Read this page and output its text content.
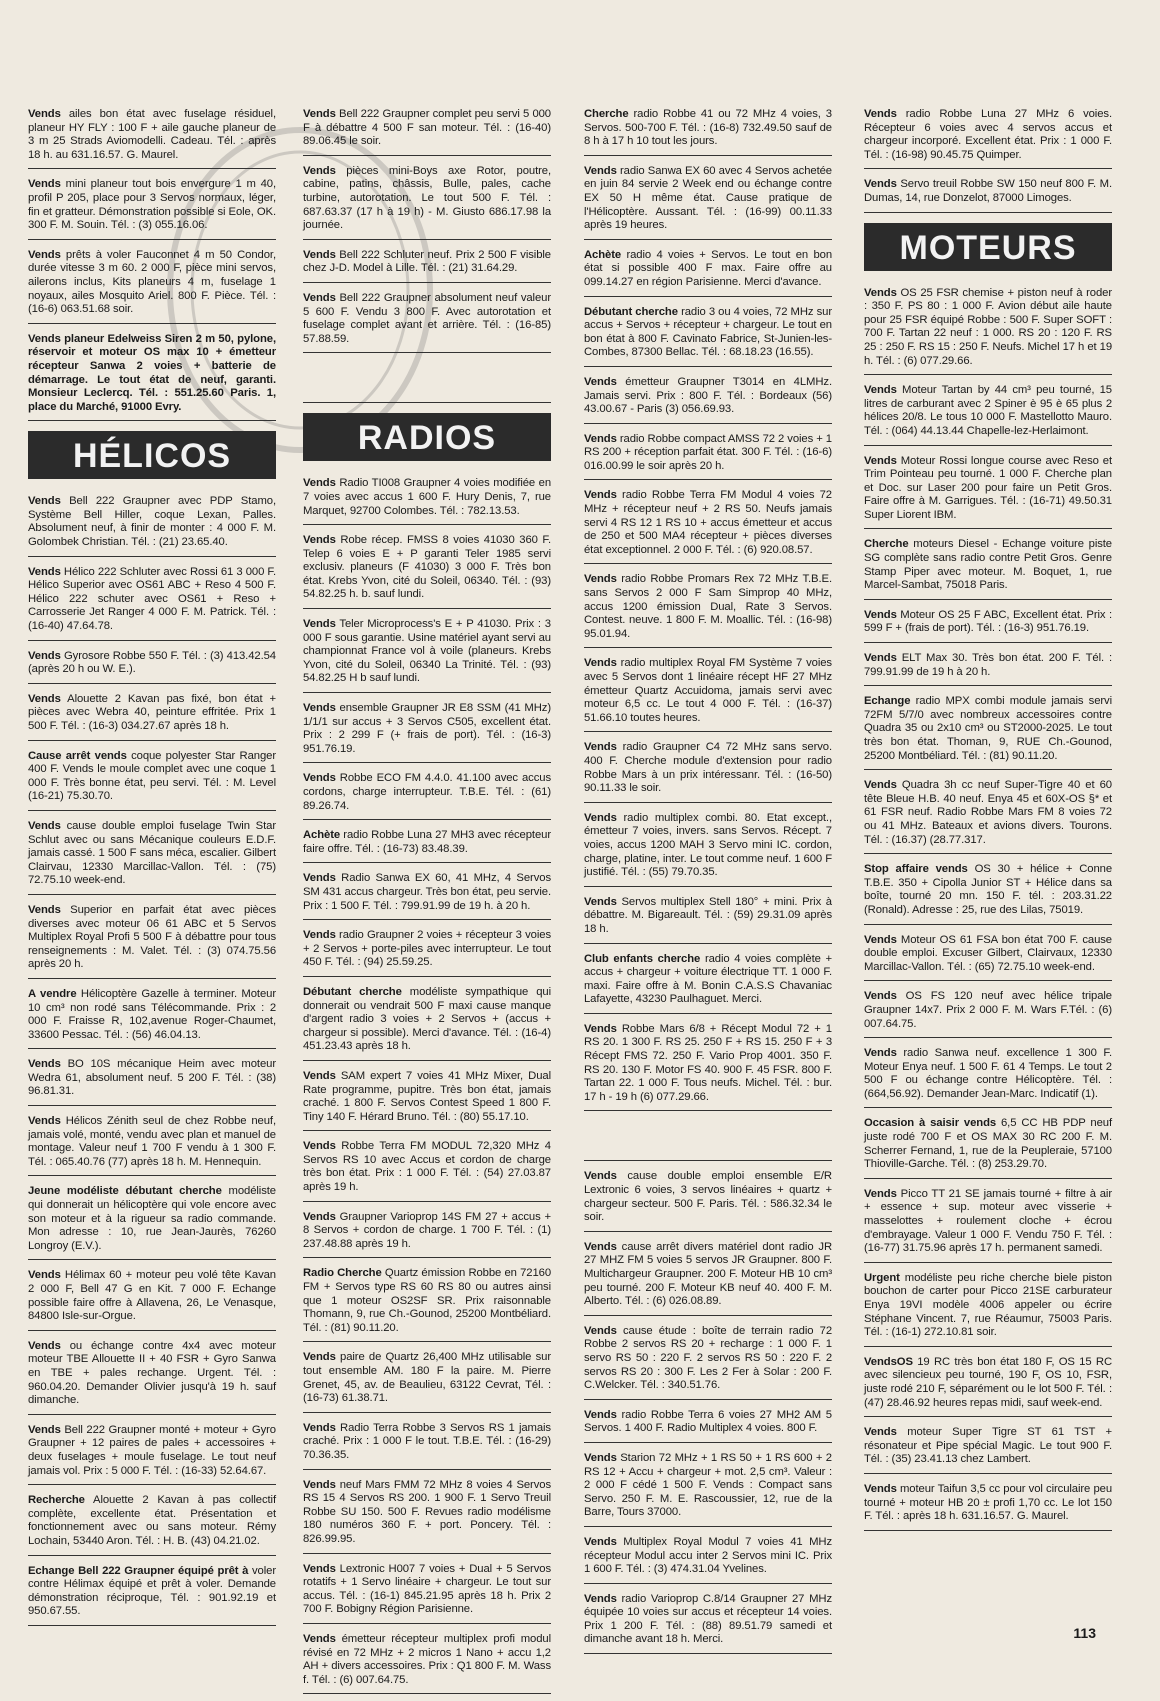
Vends ailes bon état avec fuselage résiduel, planeur HY FLY : 100 F + aile gauche planeur de 3 m 25 Strads Aviomodelli. Cadeau. Tél. : après 18 h. au 631.16.57. G. Maurel.
Vends mini planeur tout bois envergure 1 m 40, profil P 205, place pour 3 Servos normaux, léger, fin et gratteur. Démonstration possible si Eole, OK. 300 F. M. Souin. Tél. : (3) 055.16.06.
Vends prêts à voler Fauconnet 4 m 50 Condor, durée vitesse 3 m 60. 2 000 F, pièce mini servos, ailerons inclus, Kits planeurs 4 m, fuselage 1 noyaux, ailes Mosquito Ariel. 800 F. Pièce. Tél. : (16-6) 063.51.68 soir.
Vends planeur Edelweiss Siren 2 m 50, pylone, réservoir et moteur OS max 10 + émetteur récepteur Sanwa 2 voies + batterie de démarrage. Le tout état de neuf, garanti. Monsieur Leclercq. Tél. : 551.25.60 Paris. 1, place du Marché, 91000 Evry.
HÉLICOS
Vends Bell 222 Graupner avec PDP Stamo, Système Bell Hiller, coque Lexan, Palles. Absolument neuf, à finir de monter : 4 000 F. M. Golombek Christian. Tél. : (21) 23.65.40.
Vends Hélico 222 Schluter avec Rossi 61 3 000 F. Hélico Superior avec OS61 ABC + Reso 4 500 F. Hélico 222 schuter avec OS61 + Reso + Carrosserie Jet Ranger 4 000 F. M. Patrick. Tél. : (16-40) 47.64.78.
Vends Gyrosore Robbe 550 F. Tél. : (3) 413.42.54 (après 20 h ou W. E.).
Vends Alouette 2 Kavan pas fixé, bon état + pièces avec Webra 40, peinture effritée. Prix 1 500 F. Tél. : (16-3) 034.27.67 après 18 h.
Cause arrêt vends coque polyester Star Ranger 400 F. Vends le moule complet avec une coque 1 000 F. Très bonne état, peu servi. Tél. : M. Level (16-21) 75.30.70.
Vends cause double emploi fuselage Twin Star Schlut avec ou sans Mécanique couleurs E.D.F. jamais cassé. 1 500 F sans méca, escalier. Gilbert Clairvau, 12330 Marcillac-Vallon. Tél. : (75) 72.75.10 week-end.
Vends Superior en parfait état avec pièces diverses avec moteur 06 61 ABC et 5 Servos Multiplex Royal Profi 5 500 F à débattre pour tous renseignements : M. Valet. Tél. : (3) 074.75.56 après 20 h.
A vendre Hélicoptère Gazelle à terminer. Moteur 10 cm³ non rodé sans Télécommande. Prix : 2 000 F. Fraisse R, 102,avenue Roger-Chaumet, 33600 Pessac. Tél. : (56) 46.04.13.
Vends BO 10S mécanique Heim avec moteur Wedra 61, absolument neuf. 5 200 F. Tél. : (38) 96.81.31.
Vends Hélicos Zénith seul de chez Robbe neuf, jamais volé, monté, vendu avec plan et manuel de montage. Valeur neuf 1 700 F vendu à 1 300 F. Tél. : 065.40.76 (77) après 18 h. M. Hennequin.
Jeune modéliste débutant cherche modéliste qui donnerait un hélicoptère qui vole encore avec son moteur et à la rigueur sa radio commande. Mon adresse : 10, rue Jean-Jaurès, 76260 Longroy (E.V.).
Vends Hélimax 60 + moteur peu volé tête Kavan 2 000 F, Bell 47 G en Kit. 7 000 F. Echange possible faire offre à Allavena, 26, Le Venasque, 84800 Isle-sur-Orgue.
Vends ou échange contre 4x4 avec moteur moteur TBE Allouette II + 40 FSR + Gyro Sanwa en TBE + pales rechange. Urgent. Tél. : 960.04.20. Demander Olivier jusqu'à 19 h. sauf dimanche.
Vends Bell 222 Graupner monté + moteur + Gyro Graupner + 12 paires de pales + accessoires + deux fuselages + moule fuselage. Le tout neuf jamais vol. Prix : 5 000 F. Tél. : (16-33) 52.64.67.
Recherche Alouette 2 Kavan à pas collectif complète, excellente état. Présentation et fonctionnement avec ou sans moteur. Rémy Lochain, 53440 Aron. Tél. : H. B. (43) 04.21.02.
Echange Bell 222 Graupner équipé prêt à voler contre Hélimax équipé et prêt à voler. Demande démonstration réciproque, Tél. : 901.92.19 et 950.67.55.
Vends Bell 222 Graupner complet peu servi 5 000 F à débattre 4 500 F san moteur. Tél. : (16-40) 89.06.45 le soir.
Vends pièces mini-Boys axe Rotor, poutre, cabine, patins, châssis, Bulle, pales, cache turbine, autorotation. Le tout 500 F. Tél. : 687.63.37 (17 h à 19 h) - M. Giusto 686.17.98 la journée.
Vends Bell 222 Schluter neuf. Prix 2 500 F visible chez J-D. Model à Lille. Tél. : (21) 31.64.29.
Vends Bell 222 Graupner absolument neuf valeur 5 600 F. Vendu 3 800 F. Avec autorotation et fuselage complet avant et arrière. Tél. : (16-85) 57.88.59.
RADIOS
Vends Radio TI008 Graupner 4 voies modifiée en 7 voies avec accus 1 600 F. Hury Denis, 7, rue Marquet, 92700 Colombes. Tél. : 782.13.53.
Vends Robe récep. FMSS 8 voies 41030 360 F. Telep 6 voies E + P garanti Teler 1985 servi exclusiv. planeurs (F 41030) 3 000 F. Très bon état. Krebs Yvon, cité du Soleil, 06340. Tél. : (93) 54.82.25 h. b. sauf lundi.
Vends Teler Microprocess's E + P 41030. Prix : 3 000 F sous garantie. Usine matériel ayant servi au championnat France vol à voile (planeurs. Krebs Yvon, cité du Soleil, 06340 La Trinité. Tél. : (93) 54.82.25 H b sauf lundi.
Vends ensemble Graupner JR E8 SSM (41 MHz) 1/1/1 sur accus + 3 Servos C505, excellent état. Prix : 2 299 F (+ frais de port). Tél. : (16-3) 951.76.19.
Vends Robbe ECO FM 4.4.0. 41.100 avec accus cordons, charge interrupteur. T.B.E. Tél. : (61) 89.26.74.
Achète radio Robbe Luna 27 MH3 avec récepteur faire offre. Tél. : (16-73) 83.48.39.
Vends Radio Sanwa EX 60, 41 MHz, 4 Servos SM 431 accus chargeur. Très bon état, peu servie. Prix : 1 500 F. Tél. : 799.91.99 de 19 h. à 20 h.
Vends radio Graupner 2 voies + récepteur 3 voies + 2 Servos + porte-piles avec interrupteur. Le tout 450 F. Tél. : (94) 25.59.25.
Débutant cherche modéliste sympathique qui donnerait ou vendrait 500 F maxi cause manque d'argent radio 3 voies + 2 Servos + (accus + chargeur si possible). Merci d'avance. Tél. : (16-4) 451.23.43 après 18 h.
Vends SAM expert 7 voies 41 MHz Mixer, Dual Rate programme, pupitre. Très bon état, jamais craché. 1 800 F. Servos Contest Speed 1 800 F. Tiny 140 F. Hérard Bruno. Tél. : (80) 55.17.10.
Vends Robbe Terra FM MODUL 72,320 MHz 4 Servos RS 10 avec Accus et cordon de charge très bon état. Prix : 1 000 F. Tél. : (54) 27.03.87 après 19 h.
Vends Graupner Varioprop 14S FM 27 + accus + 8 Servos + cordon de charge. 1 700 F. Tél. : (1) 237.48.88 après 19 h.
Radio Cherche Quartz émission Robbe en 72160 FM + Servos type RS 60 RS 80 ou autres ainsi que 1 moteur OS2SF SR. Prix raisonnable Thomann, 9, rue Ch.-Gounod, 25200 Montbéliard. Tél. : (81) 90.11.20.
Vends paire de Quartz 26,400 MHz utilisable sur tout ensemble AM. 180 F la paire. M. Pierre Grenet, 45, av. de Beaulieu, 63122 Cevrat, Tél. : (16-73) 61.38.71.
Vends Radio Terra Robbe 3 Servos RS 1 jamais craché. Prix : 1 000 F le tout. T.B.E. Tél. : (16-29) 70.36.35.
Vends neuf Mars FMM 72 MHz 8 voies 4 Servos RS 15 4 Servos RS 200. 1 900 F. 1 Servo Treuil Robbe SU 150. 500 F. Revues radio modélisme 180 numéros 360 F. + port. Poncery. Tél. : 826.99.95.
Vends Lextronic H007 7 voies + Dual + 5 Servos rotatifs + 1 Servo linéaire + chargeur. Le tout sur accus. Tél. : (16-1) 845.21.95 après 18 h. Prix 2 700 F. Bobigny Région Parisienne.
Vends émetteur récepteur multiplex profi modul révisé en 72 MHz + 2 micros 1 Nano + accu 1,2 AH + divers accessoires. Prix : Q1 800 F. M. Wass f. Tél. : (6) 007.64.75.
Cherche radio Robbe 41 ou 72 MHz 4 voies, 3 Servos. 500-700 F. Tél. : (16-8) 732.49.50 sauf de 8 h à 17 h 10 tout les jours.
Vends radio Sanwa EX 60 avec 4 Servos achetée en juin 84 servie 2 Week end ou échange contre EX 50 H même état. Cause pratique de l'Hélicoptère. Aussant. Tél. : (16-99) 00.11.33 après 19 heures.
Achète radio 4 voies + Servos. Le tout en bon état si possible 400 F max. Faire offre au 099.14.27 en région Parisienne. Merci d'avance.
Débutant cherche radio 3 ou 4 voies, 72 MHz sur accus + Servos + récepteur + chargeur. Le tout en bon état à 800 F. Cavinato Fabrice, St-Junien-les-Combes, 87300 Bellac. Tél. : 68.18.23 (16.55).
Vends émetteur Graupner T3014 en 4LMHz. Jamais servi. Prix : 800 F. Tél. : Bordeaux (56) 43.00.67 - Paris (3) 056.69.93.
Vends radio Robbe compact AMSS 72 2 voies + 1 RS 200 + réception parfait état. 300 F. Tél. : (16-6) 016.00.99 le soir après 20 h.
Vends radio Robbe Terra FM Modul 4 voies 72 MHz + récepteur neuf + 2 RS 50. Neufs jamais servi 4 RS 12 1 RS 10 + accus émetteur et accus de 250 et 500 MA4 récepteur + pièces diverses état exceptionnel. 2 000 F. Tél. : (6) 920.08.57.
Vends radio Robbe Promars Rex 72 MHz T.B.E. sans Servos 2 000 F Sam Simprop 40 MHz, accus 1200 émission Dual, Rate 3 Servos. Contest. neuve. 1 800 F. M. Moallic. Tél. : (16-98) 95.01.94.
Vends radio multiplex Royal FM Système 7 voies avec 5 Servos dont 1 linéaire récept HF 27 MHz émetteur Quartz Accuidoma, jamais servi avec moteur 6,5 cc. Le tout 4 000 F. Tél. : (16-37) 51.66.10 toutes heures.
Vends radio Graupner C4 72 MHz sans servo. 400 F. Cherche module d'extension pour radio Robbe Mars à un prix intéressanr. Tél. : (16-50) 90.11.33 le soir.
Vends radio multiplex combi. 80. Etat except., émetteur 7 voies, invers. sans Servos. Récept. 7 voies, accus 1200 MAH 3 Servo mini IC. cordon, charge, platine, inter. Le tout comme neuf. 1 600 F justifié. Tél. : (55) 79.70.35.
Vends Servos multiplex Stell 180° + mini. Prix à débattre. M. Bigareault. Tél. : (59) 29.31.09 après 18 h.
Club enfants cherche radio 4 voies complète + accus + chargeur + voiture électrique TT. 1 000 F. maxi. Faire offre à M. Bonin C.A.S.S Chavaniac Lafayette, 43230 Paulhaguet. Merci.
Vends Robbe Mars 6/8 + Récept Modul 72 + 1 RS 20. 1 300 F. RS 25. 250 F + RS 15. 250 F + 3 Récept FMS 72. 250 F. Vario Prop 4001. 350 F. RS 20. 130 F. Motor FS 40. 900 F. 45 FSR. 800 F. Tartan 22. 1 000 F. Tous neufs. Michel. Tél. : bur. 17 h - 19 h (6) 077.29.66.
Vends cause double emploi ensemble E/R Lextronic 6 voies, 3 servos linéaires + quartz + chargeur secteur. 500 F. Paris. Tél. : 586.32.34 le soir.
Vends cause arrêt divers matériel dont radio JR 27 MHZ FM 5 voies 5 servos JR Graupner. 800 F. Multichargeur Graupner. 200 F. Moteur HB 10 cm³ peu tourné. 200 F. Moteur KB neuf 40. 400 F. M. Alberto. Tél. : (6) 026.08.89.
Vends cause étude : boîte de terrain radio 72 Robbe 2 servos RS 20 + recharge : 1 000 F. 1 servo RS 50 : 220 F. 2 servos RS 50 : 220 F. 2 servos RS 20 : 300 F. Les 2 Fer à Solar : 200 F. C.Welcker. Tél. : 340.51.76.
Vends radio Robbe Terra 6 voies 27 MH2 AM 5 Servos. 1 400 F. Radio Multiplex 4 voies. 800 F.
Vends Starion 72 MHz + 1 RS 50 + 1 RS 600 + 2 RS 12 + Accu + chargeur + mot. 2,5 cm³. Valeur : 2 000 F cédé 1 500 F. Vends : Compact sans Servo. 250 F. M. E. Rascoussier, 12, rue de la Barre, Tours 37000.
Vends Multiplex Royal Modul 7 voies 41 MHz récepteur Modul accu inter 2 Servos mini IC. Prix 1 600 F. Tél. : (3) 474.31.04 Yvelines.
Vends radio Varioprop C.8/14 Graupner 27 MHz équipée 10 voies sur accus et récepteur 14 voies. Prix 1 200 F. Tél. : (88) 89.51.79 samedi et dimanche avant 18 h. Merci.
Vends radio Robbe Luna 27 MHz 6 voies. Récepteur 6 voies avec 4 servos accus et chargeur incorporé. Excellent état. Prix : 1 000 F. Tél. : (16-98) 90.45.75 Quimper.
Vends Servo treuil Robbe SW 150 neuf 800 F. M. Dumas, 14, rue Donzelot, 87000 Limoges.
MOTEURS
Vends OS 25 FSR chemise + piston neuf à roder : 350 F. PS 80 : 1 000 F. Avion début aile haute pour 25 FSR équipé Robbe : 500 F. Super SOFT : 700 F. Tartan 22 neuf : 1 000. RS 20 : 120 F. RS 25 : 250 F. RS 15 : 250 F. Neufs. Michel 17 h et 19 h. Tél. : (6) 077.29.66.
Vends Moteur Tartan by 44 cm³ peu tourné, 15 litres de carburant avec 2 Spiner è 95 è 65 plus 2 hélices 20/8. Le tous 10 000 F. Mastellotto Mauro. Tél. : (064) 44.13.44 Chapelle-lez-Herlaimont.
Vends Moteur Rossi longue course avec Reso et Trim Pointeau peu tourné. 1 000 F. Cherche plan et Doc. sur Laser 200 pour faire un Petit Gros. Faire offre à M. Garrigues. Tél. : (16-71) 49.50.31 Super Liorent IBM.
Cherche moteurs Diesel - Echange voiture piste SG complète sans radio contre Petit Gros. Genre Stamp Piper avec moteur. M. Boquet, 1, rue Marcel-Sambat, 75018 Paris.
Vends Moteur OS 25 F ABC, Excellent état. Prix : 599 F + (frais de port). Tél. : (16-3) 951.76.19.
Vends ELT Max 30. Très bon état. 200 F. Tél. : 799.91.99 de 19 h à 20 h.
Echange radio MPX combi module jamais servi 72FM 5/7/0 avec nombreux accessoires contre Quadra 35 ou 2x10 cm³ ou ST2000-2025. Le tout très bon état. Thoman, 9, RUE Ch.-Gounod, 25200 Montbéliard. Tél. : (81) 90.11.20.
Vends Quadra 3h cc neuf Super-Tigre 40 et 60 tête Bleue H.B. 40 neuf. Enya 45 et 60X-OS §* et 61 FSR neuf. Radio Robbe Mars FM 8 voies 72 ou 41 MHz. Bateaux et avions divers. Tourons. Tél. : (16.37) (28.77.317.
Stop affaire vends OS 30 + hélice + Conne T.B.E. 350 + Cipolla Junior ST + Hélice dans sa boîte, tourné 20 mn. 150 F. tél. : 203.31.22 (Ronald). Adresse : 25, rue des Lilas, 75019.
Vends Moteur OS 61 FSA bon état 700 F. cause double emploi. Excuser Gilbert, Clairvaux, 12330 Marcillac-Vallon. Tél. : (65) 72.75.10 week-end.
Vends OS FS 120 neuf avec hélice tripale Graupner 14x7. Prix 2 000 F. M. Wars F.Tél. : (6) 007.64.75.
Vends radio Sanwa neuf. excellence 1 300 F. Moteur Enya neuf. 1 500 F. 61 4 Temps. Le tout 2 500 F ou échange contre Hélicoptère. Tél. : (664,56.92). Demander Jean-Marc. Indicatif (1).
Occasion à saisir vends 6,5 CC HB PDP neuf juste rodé 700 F et OS MAX 30 RC 200 F. M. Scherrer Fernand, 1, rue de la Peupleraie, 57100 Thioville-Garche. Tél. : (8) 253.29.70.
Vends Picco TT 21 SE jamais tourné + filtre à air + essence + sup. moteur avec visserie + masselottes + roulement cloche + écrou d'embrayage. Valeur 1 000 F. Vendu 750 F. Tél. : (16-77) 31.75.96 après 17 h. permanent samedi.
Urgent modéliste peu riche cherche biele piston bouchon de carter pour Picco 21SE carburateur Enya 19VI modèle 4006 appeler ou écrire Stéphane Vincent. 7, rue Réaumur, 75003 Paris. Tél. : (16-1) 272.10.81 soir.
VendsOS 19 RC très bon état 180 F, OS 15 RC avec silencieux peu tourné, 190 F, OS 10, FSR, juste rodé 210 F, séparément ou le lot 500 F. Tél. : (47) 28.46.92 heures repas midi, sauf week-end.
Vends moteur Super Tigre ST 61 TST + résonateur et Pipe spécial Magic. Le tout 900 F. Tél. : (35) 23.41.13 chez Lambert.
Vends moteur Taifun 3,5 cc pour vol circulaire peu tourné + moteur HB 20 ± profi 1,70 cc. Le lot 150 F. Tél. : après 18 h. 631.16.57. G. Maurel.
113
